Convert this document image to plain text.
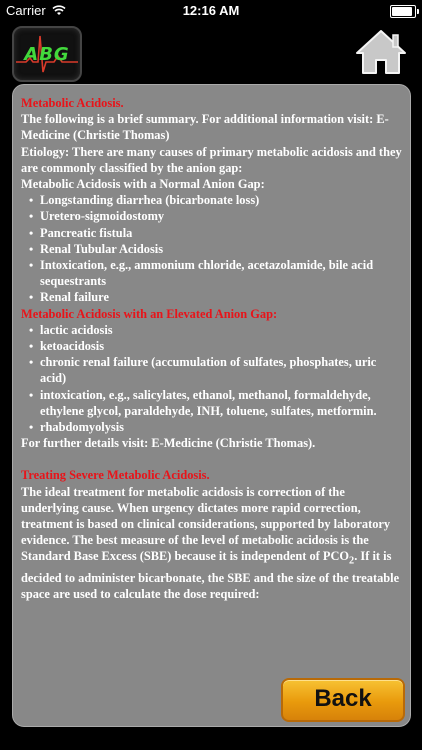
Carrier	12:16 AM
ABG

Metabolic Acidosis.

The following is a brief summary. For additional information visit: E-Medicine (Christie Thomas)

Etiology: There are many causes of primary metabolic acidosis and they are commonly classified by the anion gap:

Metabolic Acidosis with a Normal Anion Gap:

• Longstanding diarrhea (bicarbonate loss)
• Uretero-sigmoidostomy
• Pancreatic fistula
• Renal Tubular Acidosis
• Intoxication, e.g., ammonium chloride, acetazolamide, bile acid sequestrants
• Renal failure

Metabolic Acidosis with an Elevated Anion Gap:

• lactic acidosis
• ketoacidosis
• chronic renal failure (accumulation of sulfates, phosphates, uric acid)
• intoxication, e.g., salicylates, ethanol, methanol, formaldehyde, ethylene glycol, paraldehyde, INH, toluene, sulfates, metformin.
• rhabdomyolysis

For further details visit: E-Medicine (Christie Thomas).

Treating Severe Metabolic Acidosis.

The ideal treatment for metabolic acidosis is correction of the underlying cause. When urgency dictates more rapid correction, treatment is based on clinical considerations, supported by laboratory evidence. The best measure of the level of metabolic acidosis is the Standard Base Excess (SBE) because it is independent of $PCO_2$. If it is decided to administer bicarbonate, the SBE and the size of the treatable space are used to calculate the dose required:

Back
